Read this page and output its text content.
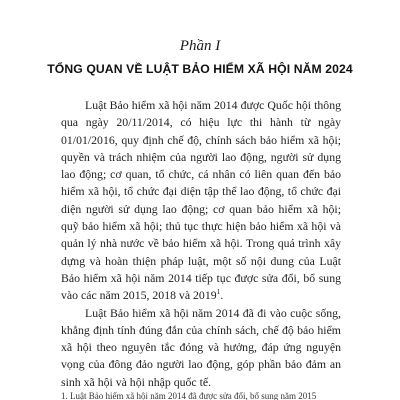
Phần I
TỔNG QUAN VỀ LUẬT BẢO HIỂM XÃ HỘI NĂM 2024

Luật Bảo hiểm xã hội năm 2014 được Quốc hội thông qua ngày 20/11/2014, có hiệu lực thi hành từ ngày 01/01/2016, quy định chế độ, chính sách bảo hiểm xã hội; quyền và trách nhiệm của người lao động, người sử dụng lao động; cơ quan, tổ chức, cá nhân có liên quan đến bảo hiểm xã hội, tổ chức đại diện tập thể lao động, tổ chức đại diện người sử dụng lao động; cơ quan bảo hiểm xã hội; quỹ bảo hiểm xã hội; thủ tục thực hiện bảo hiểm xã hội và quản lý nhà nước về bảo hiểm xã hội. Trong quá trình xây dựng và hoàn thiện pháp luật, một số nội dung của Luật Bảo hiểm xã hội năm 2014 tiếp tục được sửa đổi, bổ sung vào các năm 2015, 2018 và 2019$^1$.

Luật Bảo hiểm xã hội năm 2014 đã đi vào cuộc sống, khẳng định tính đúng đắn của chính sách, chế độ bảo hiểm xã hội theo nguyên tắc đóng và hưởng, đáp ứng nguyện vọng của đông đảo người lao động, góp phần bảo đảm an sinh xã hội và hội nhập quốc tế.

1. Luật Bảo hiểm xã hội năm 2014 đã được sửa đổi, bổ sung năm 2015
